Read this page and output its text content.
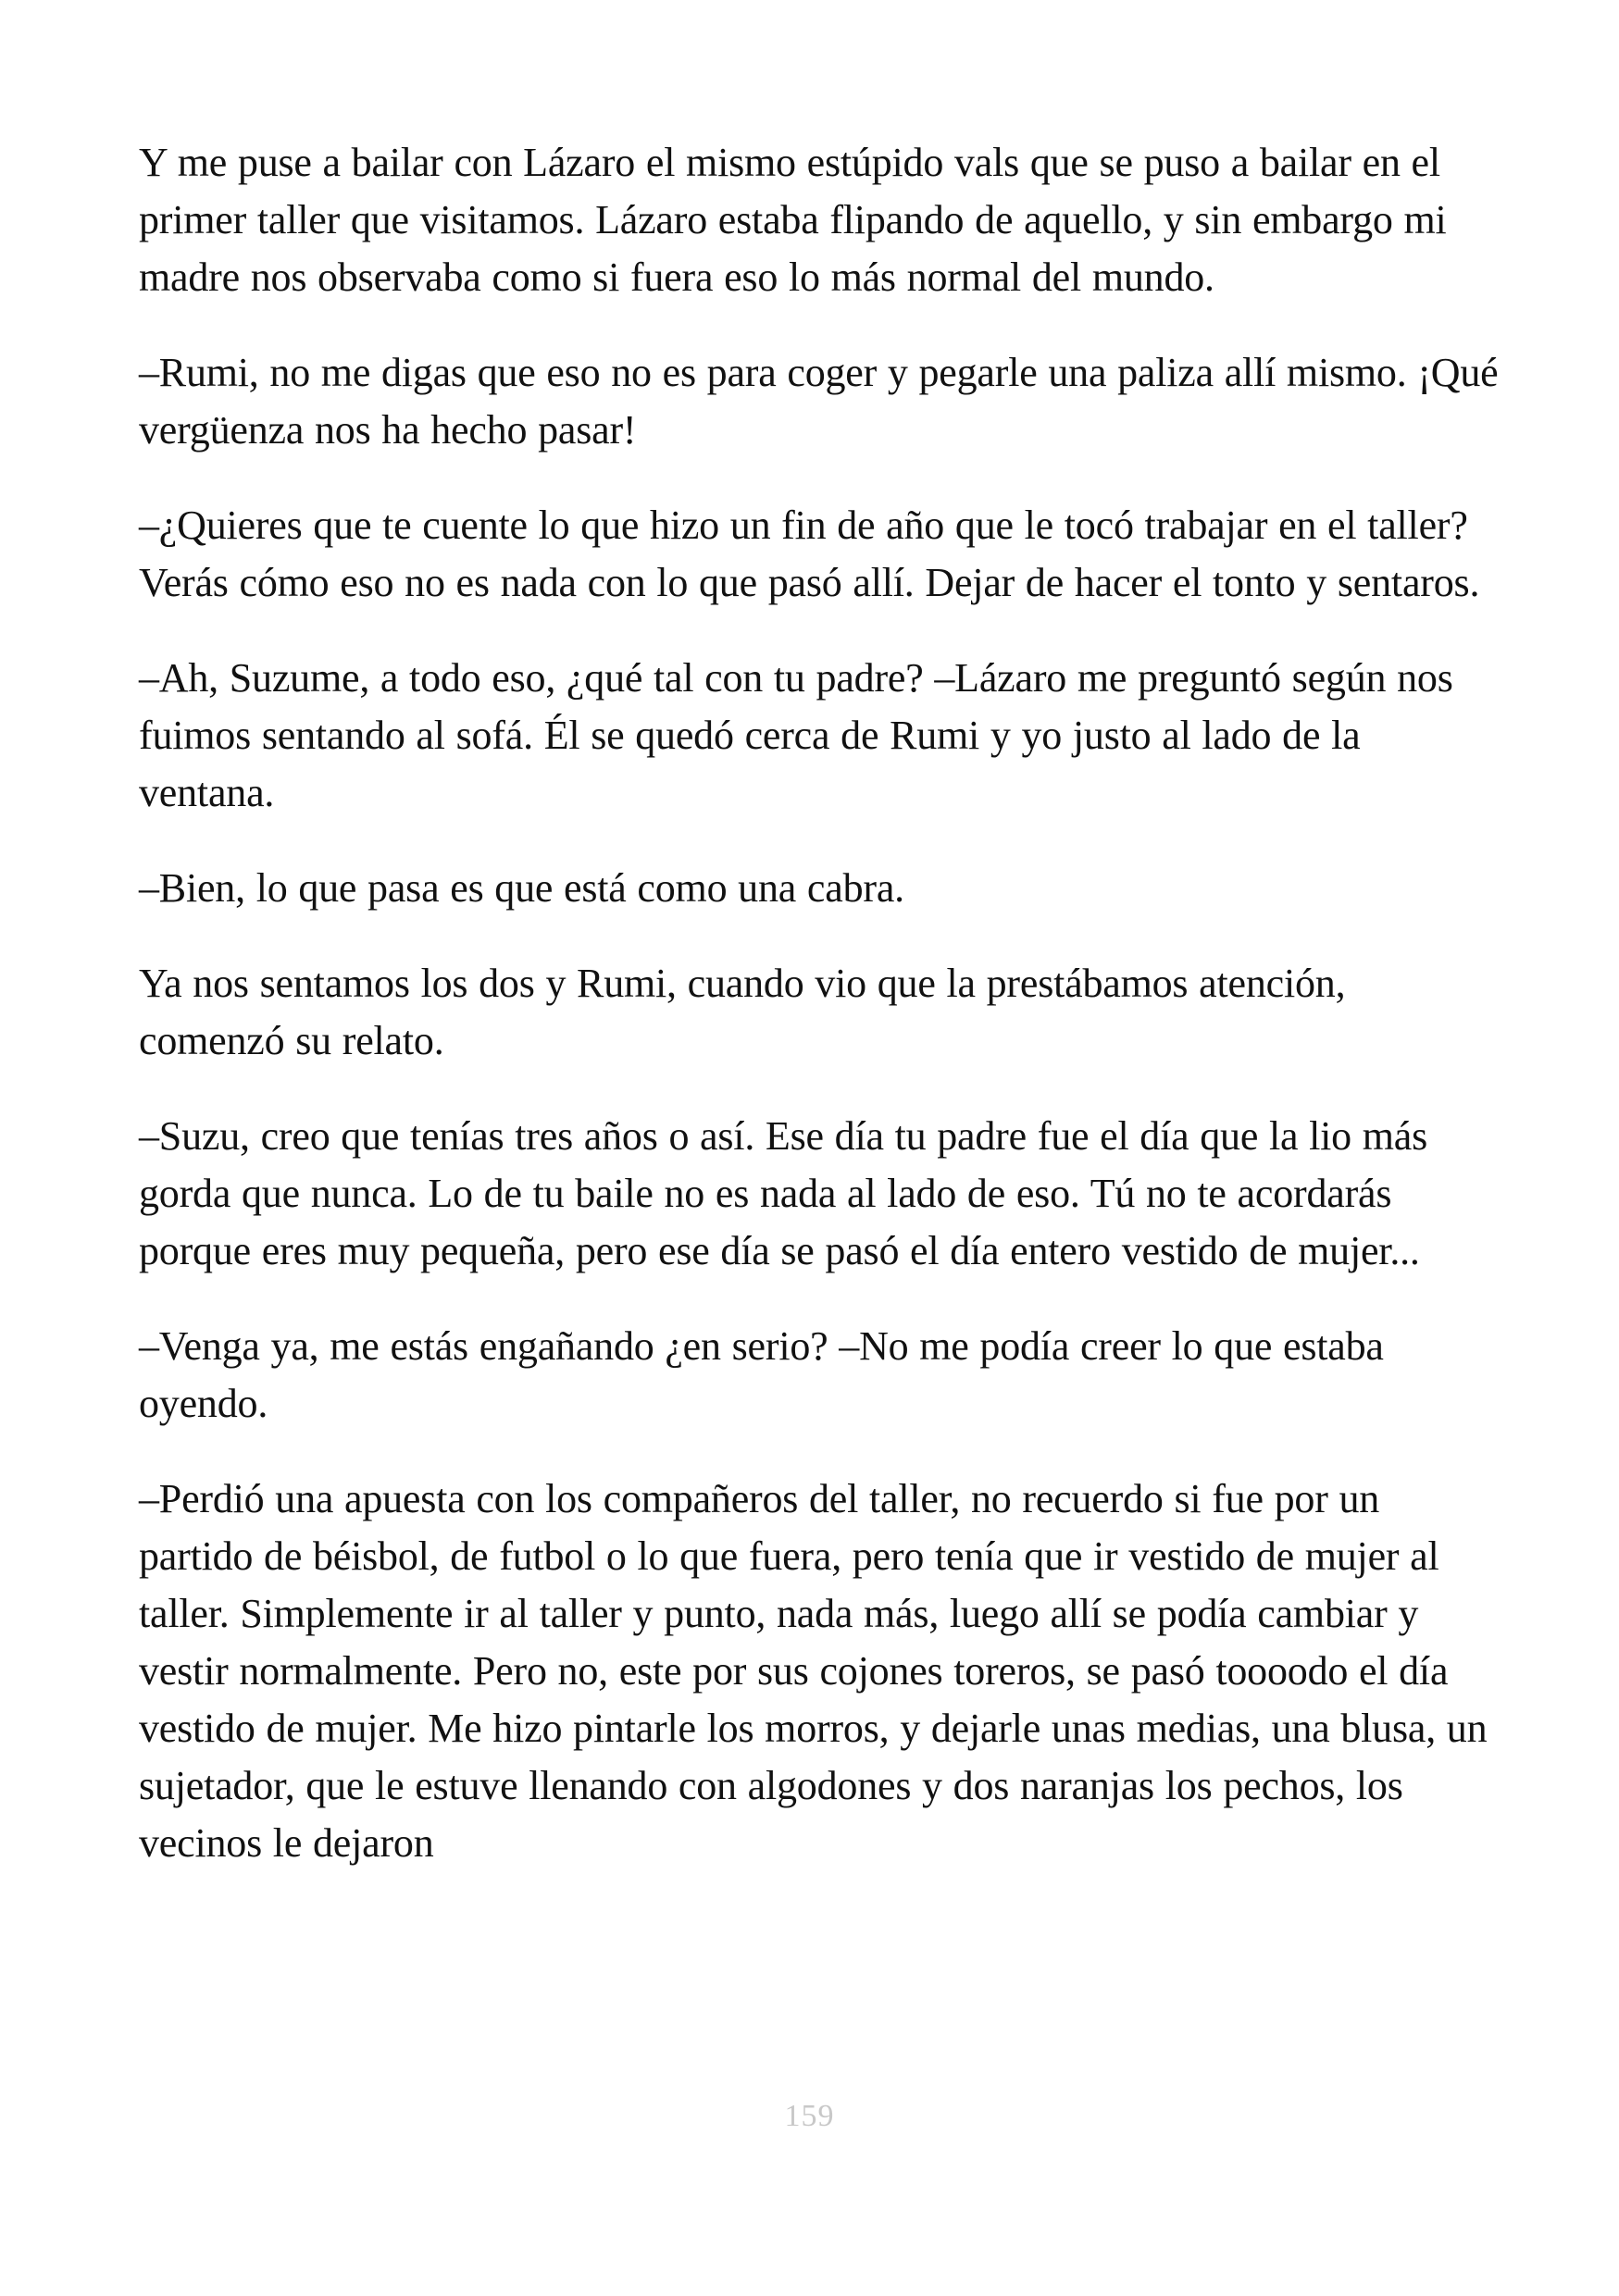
Y me puse a bailar con Lázaro el mismo estúpido vals que se puso a bailar en el primer taller que visitamos. Lázaro estaba flipando de aquello, y sin embargo mi madre nos observaba como si fuera eso lo más normal del mundo.

–Rumi, no me digas que eso no es para coger y pegarle una paliza allí mismo. ¡Qué vergüenza nos ha hecho pasar!

–¿Quieres que te cuente lo que hizo un fin de año que le tocó trabajar en el taller? Verás cómo eso no es nada con lo que pasó allí. Dejar de hacer el tonto y sentaros.

–Ah, Suzume, a todo eso, ¿qué tal con tu padre? –Lázaro me preguntó según nos fuimos sentando al sofá. Él se quedó cerca de Rumi y yo justo al lado de la ventana.

–Bien, lo que pasa es que está como una cabra.

Ya nos sentamos los dos y Rumi, cuando vio que la prestábamos atención, comenzó su relato.

–Suzu, creo que tenías tres años o así. Ese día tu padre fue el día que la lio más gorda que nunca. Lo de tu baile no es nada al lado de eso. Tú no te acordarás porque eres muy pequeña, pero ese día se pasó el día entero vestido de mujer...

–Venga ya, me estás engañando ¿en serio? –No me podía creer lo que estaba oyendo.

–Perdió una apuesta con los compañeros del taller, no recuerdo si fue por un partido de béisbol, de futbol o lo que fuera, pero tenía que ir vestido de mujer al taller. Simplemente ir al taller y punto, nada más, luego allí se podía cambiar y vestir normalmente. Pero no, este por sus cojones toreros, se pasó toooodo el día vestido de mujer. Me hizo pintarle los morros, y dejarle unas medias, una blusa, un sujetador, que le estuve llenando con algodones y dos naranjas los pechos, los vecinos le dejaron

159
